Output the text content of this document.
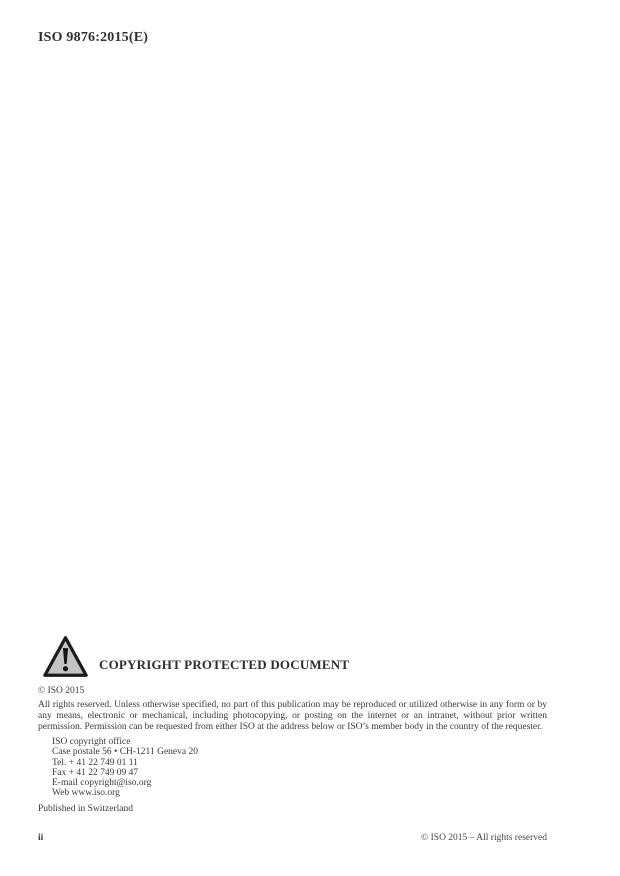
ISO 9876:2015(E)
COPYRIGHT PROTECTED DOCUMENT
© ISO 2015
All rights reserved. Unless otherwise specified, no part of this publication may be reproduced or utilized otherwise in any form or by any means, electronic or mechanical, including photocopying, or posting on the internet or an intranet, without prior written permission. Permission can be requested from either ISO at the address below or ISO’s member body in the country of the requester.
ISO copyright office
Case postale 56 • CH-1211 Geneva 20
Tel. + 41 22 749 01 11
Fax + 41 22 749 09 47
E-mail copyright@iso.org
Web www.iso.org
Published in Switzerland
ii	© ISO 2015 – All rights reserved
